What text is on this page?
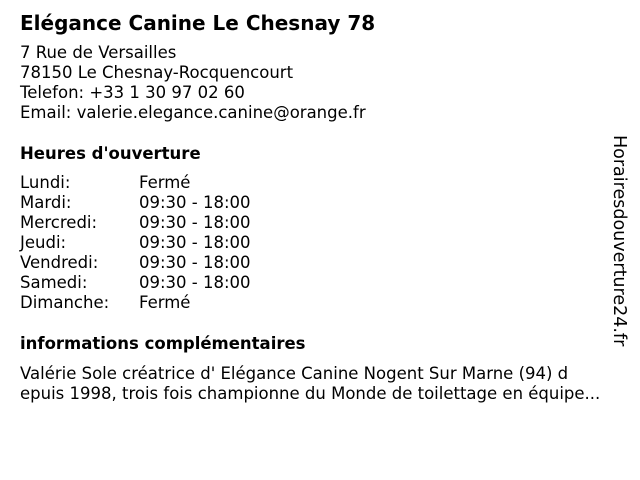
Elégance Canine Le Chesnay 78
7 Rue de Versailles
78150 Le Chesnay-Rocquencourt
Telefon: +33 1 30 97 02 60
Email: valerie.elegance.canine@orange.fr
Heures d'ouverture
Lundi:	Fermé
Mardi:	09:30 - 18:00
Mercredi:	09:30 - 18:00
Jeudi:	09:30 - 18:00
Vendredi: 09:30 - 18:00
Samedi:	09:30 - 18:00
Dimanche: Fermé
informations complémentaires
Valérie Sole créatrice d' Elégance Canine Nogent Sur Marne (94) d
epuis 1998, trois fois championne du Monde de toilettage en équipe...
Horairesdouverture24.fr
